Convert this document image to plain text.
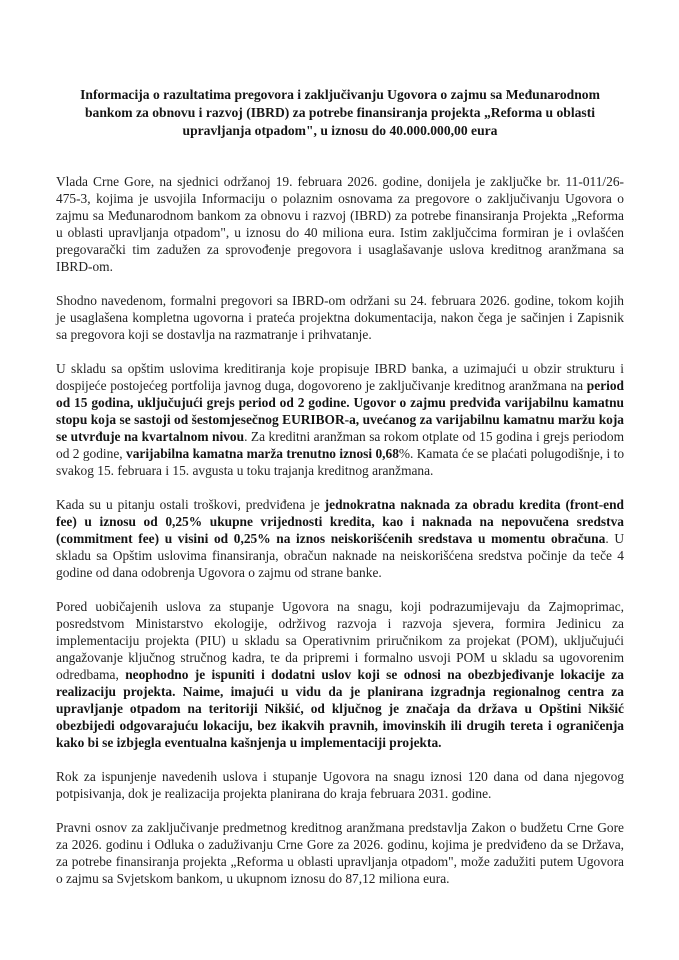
Informacija o razultatima pregovora i zaključivanju Ugovora o zajmu sa Međunarodnom bankom za obnovu i razvoj (IBRD) za potrebe finansiranja projekta „Reforma u oblasti upravljanja otpadom", u iznosu do 40.000.000,00 eura

Vlada Crne Gore, na sjednici održanoj 19. februara 2026. godine, donijela je zaključke br. 11-011/26-475-3, kojima je usvojila Informaciju o polaznim osnovama za pregovore o zaključivanju Ugovora o zajmu sa Međunarodnom bankom za obnovu i razvoj (IBRD) za potrebe finansiranja Projekta „Reforma u oblasti upravljanja otpadom", u iznosu do 40 miliona eura. Istim zaključcima formiran je i ovlašćen pregovarački tim zadužen za sprovođenje pregovora i usaglašavanje uslova kreditnog aranžmana sa IBRD-om.

Shodno navedenom, formalni pregovori sa IBRD-om održani su 24. februara 2026. godine, tokom kojih je usaglašena kompletna ugovorna i prateća projektna dokumentacija, nakon čega je sačinjen i Zapisnik sa pregovora koji se dostavlja na razmatranje i prihvatanje.

U skladu sa opštim uslovima kreditiranja koje propisuje IBRD banka, a uzimajući u obzir strukturu i dospijeće postojećeg portfolija javnog duga, dogovoreno je zaključivanje kreditnog aranžmana na period od 15 godina, uključujući grejs period od 2 godine. Ugovor o zajmu predviđa varijabilnu kamatnu stopu koja se sastoji od šestomjesečnog EURIBOR-a, uvećanog za varijabilnu kamatnu maržu koja se utvrđuje na kvartalnom nivou. Za kreditni aranžman sa rokom otplate od 15 godina i grejs periodom od 2 godine, varijabilna kamatna marža trenutno iznosi 0,68%. Kamata će se plaćati polugodišnje, i to svakog 15. februara i 15. avgusta u toku trajanja kreditnog aranžmana.

Kada su u pitanju ostali troškovi, predviđena je jednokratna naknada za obradu kredita (front-end fee) u iznosu od 0,25% ukupne vrijednosti kredita, kao i naknada na nepovučena sredstva (commitment fee) u visini od 0,25% na iznos neiskorišćenih sredstava u momentu obračuna. U skladu sa Opštim uslovima finansiranja, obračun naknade na neiskorišćena sredstva počinje da teče 4 godine od dana odobrenja Ugovora o zajmu od strane banke.

Pored uobičajenih uslova za stupanje Ugovora na snagu, koji podrazumijevaju da Zajmoprimac, posredstvom Ministarstvo ekologije, održivog razvoja i razvoja sjevera, formira Jedinicu za implementaciju projekta (PIU) u skladu sa Operativnim priručnikom za projekat (POM), uključujući angažovanje ključnog stručnog kadra, te da pripremi i formalno usvoji POM u skladu sa ugovorenim odredbama, neophodno je ispuniti i dodatni uslov koji se odnosi na obezbjeđivanje lokacije za realizaciju projekta. Naime, imajući u vidu da je planirana izgradnja regionalnog centra za upravljanje otpadom na teritoriji Nikšić, od ključnog je značaja da država u Opštini Nikšić obezbijedi odgovarajuću lokaciju, bez ikakvih pravnih, imovinskih ili drugih tereta i ograničenja kako bi se izbjegla eventualna kašnjenja u implementaciji projekta.

Rok za ispunjenje navedenih uslova i stupanje Ugovora na snagu iznosi 120 dana od dana njegovog potpisivanja, dok je realizacija projekta planirana do kraja februara 2031. godine.

Pravni osnov za zaključivanje predmetnog kreditnog aranžmana predstavlja Zakon o budžetu Crne Gore za 2026. godinu i Odluka o zaduživanju Crne Gore za 2026. godinu, kojima je predviđeno da se Država, za potrebe finansiranja projekta „Reforma u oblasti upravljanja otpadom", može zadužiti putem Ugovora o zajmu sa Svjetskom bankom, u ukupnom iznosu do 87,12 miliona eura.
